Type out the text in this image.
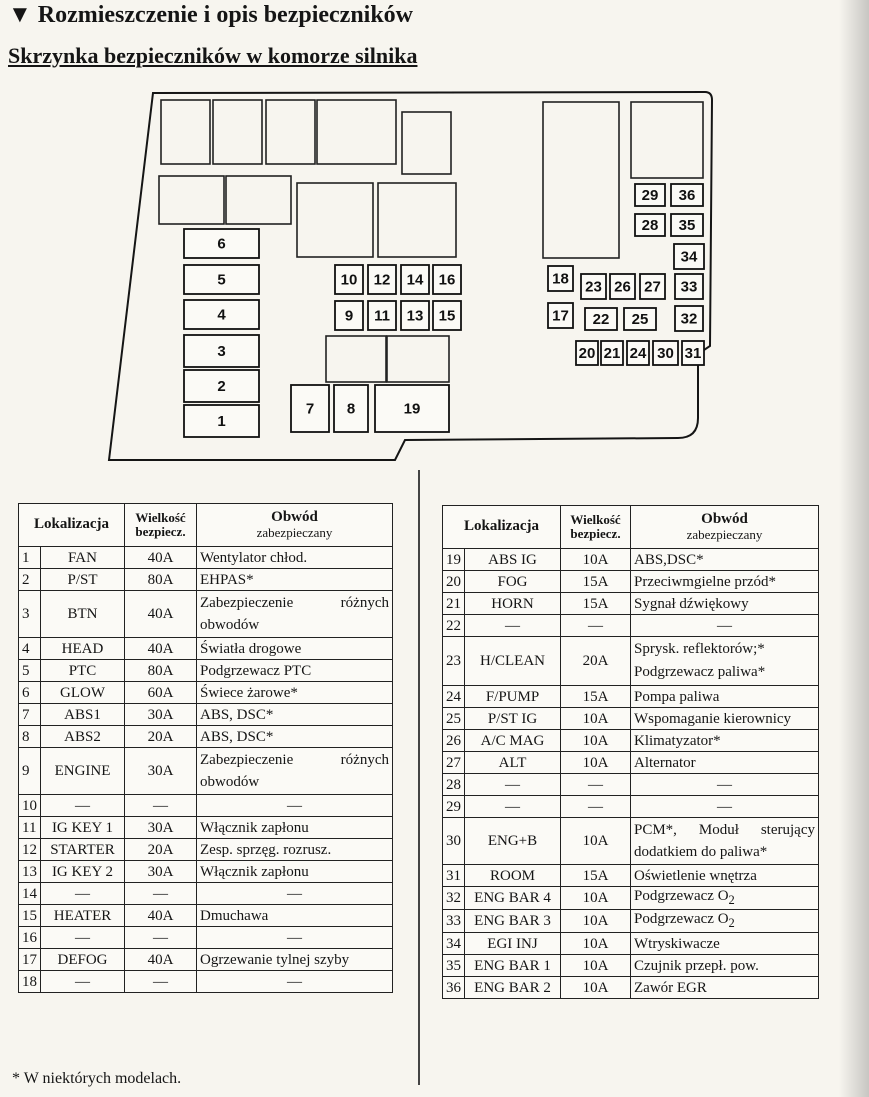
▼ Rozmieszczenie i opis bezpieczników
Skrzynka bezpieczników w komorze silnika
6
5
4
3
2
1
7 8	19
10 12 14 16
9 11 13 15
18
17
23 26 27 33
22 25 32
29 36
28 35
34
20 21 24 30 31
Lokalizacja		Wielkość
bezpiecz.	Obwód
zabezpieczany

1	FAN	40A	Wentylator chłod.
2	P/ST	80A	EHPAS*
3	BTN	40A	Zabezpieczenie różnych obwodów
4	HEAD	40A	Światła drogowe
5	PTC	80A	Podgrzewacz PTC
6	GLOW	60A	Świece żarowe*
7	ABS1	30A	ABS, DSC*
8	ABS2	20A	ABS, DSC*
9	ENGINE	30A	Zabezpieczenie różnych obwodów
10	—	—	—
11	IG KEY 1	30A	Włącznik zapłonu
12	STARTER	20A	Zesp. sprzęg. rozrusz.
13	IG KEY 2	30A	Włącznik zapłonu
14	—	—	—
15	HEATER	40A	Dmuchawa
16	—	—	—
17	DEFOG	40A	Ogrzewanie tylnej szyby
18	—	—	—
Lokalizacja		Wielkość
bezpiecz.	Obwód
zabezpieczany

19	ABS IG	10A	ABS,DSC*
20	FOG	15A	Przeciwmgielne przód*
21	HORN	15A	Sygnał dźwiękowy
22	—	—	—
23	H/CLEAN	20A	Sprysk. reflektorów;*
Podgrzewacz paliwa*

24	F/PUMP	15A	Pompa paliwa
25	P/ST IG	10A	Wspomaganie kierownicy
26	A/C MAG	10A	Klimatyzator*
27	ALT	10A	Alternator
28	—	—	—
29	—	—	—
30	ENG+B	10A	PCM*, Moduł sterujący dodatkiem do paliwa*
31	ROOM	15A	Oświetlenie wnętrza
32	ENG BAR 4	10A	Podgrzewacz $O_2$
33	ENG BAR 3	10A	Podgrzewacz $O_2$
34	EGI INJ	10A	Wtryskiwacze
35	ENG BAR 1	10A	Czujnik przepł. pow.
36	ENG BAR 2	10A	Zawór EGR
* W niektórych modelach.
